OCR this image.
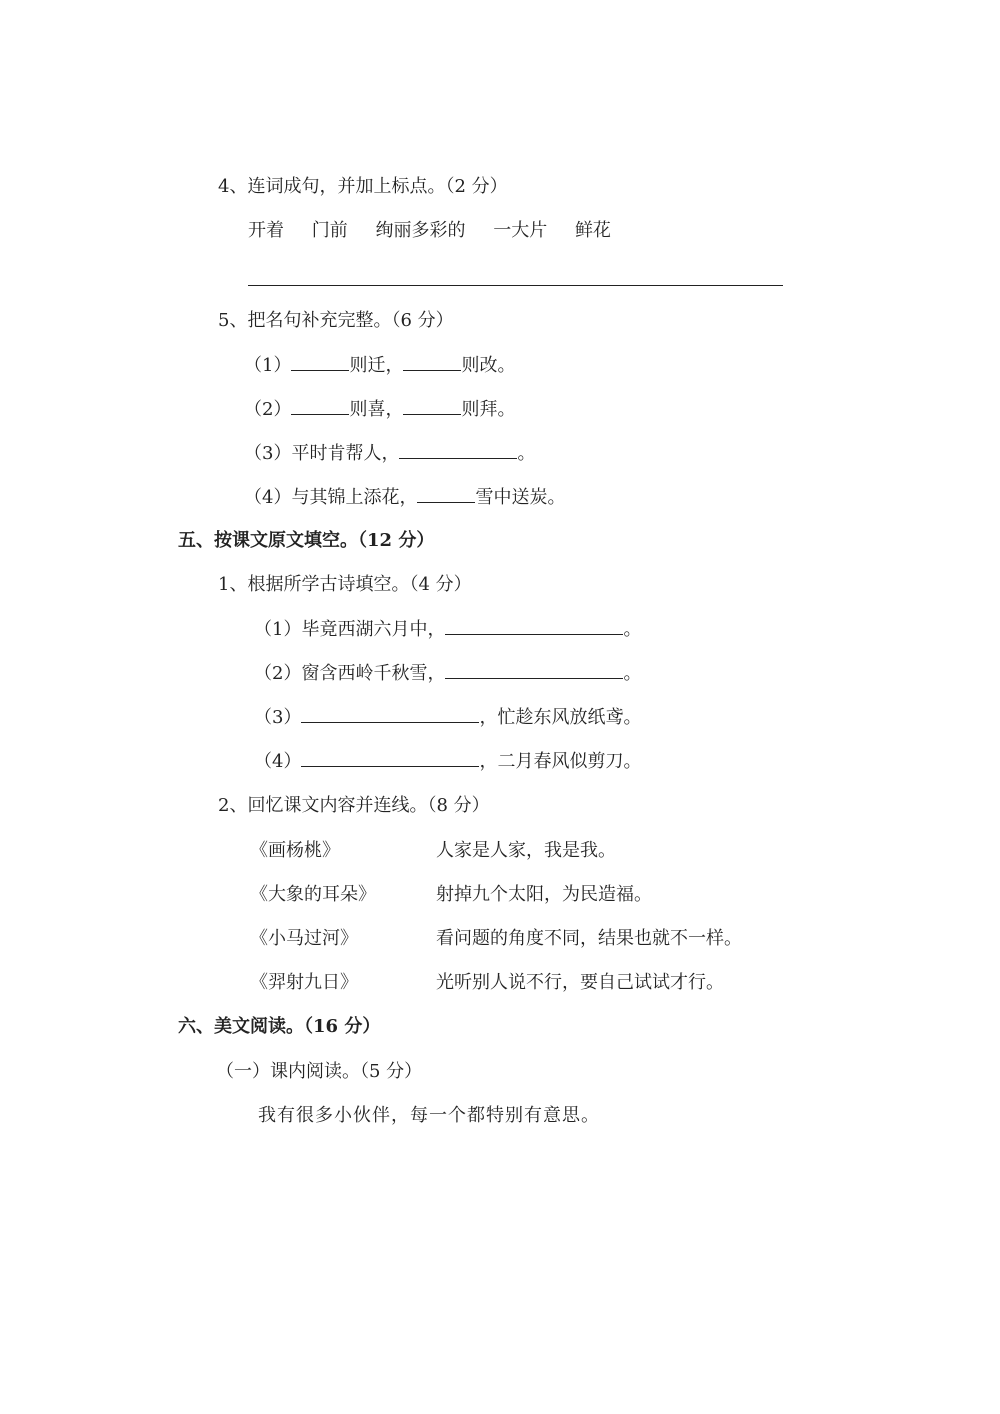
4、连词成句，并加上标点。（2 分）
开着 门前 绚丽多彩的 一大片 鲜花
5、把名句补充完整。（6 分）
（1）	则迁，	则改。
（2）	则喜，	则拜。
（3）平时肯帮人，	。
（4）与其锦上添花，	雪中送炭。
五、按课文原文填空。（12 分）
1、根据所学古诗填空。（4 分）
（1）毕竟西湖六月中，	。
（2）窗含西岭千秋雪，	。
（3）	，忙趁东风放纸鸢。
（4）	，二月春风似剪刀。
2、回忆课文内容并连线。（8 分）
《画杨桃》	人家是人家，我是我。
《大象的耳朵》	射掉九个太阳，为民造福。
《小马过河》	看问题的角度不同，结果也就不一样。
《羿射九日》	光听别人说不行，要自己试试才行。
六、美文阅读。（16 分）
（一）课内阅读。（5 分）
我有很多小伙伴，每一个都特别有意思。
